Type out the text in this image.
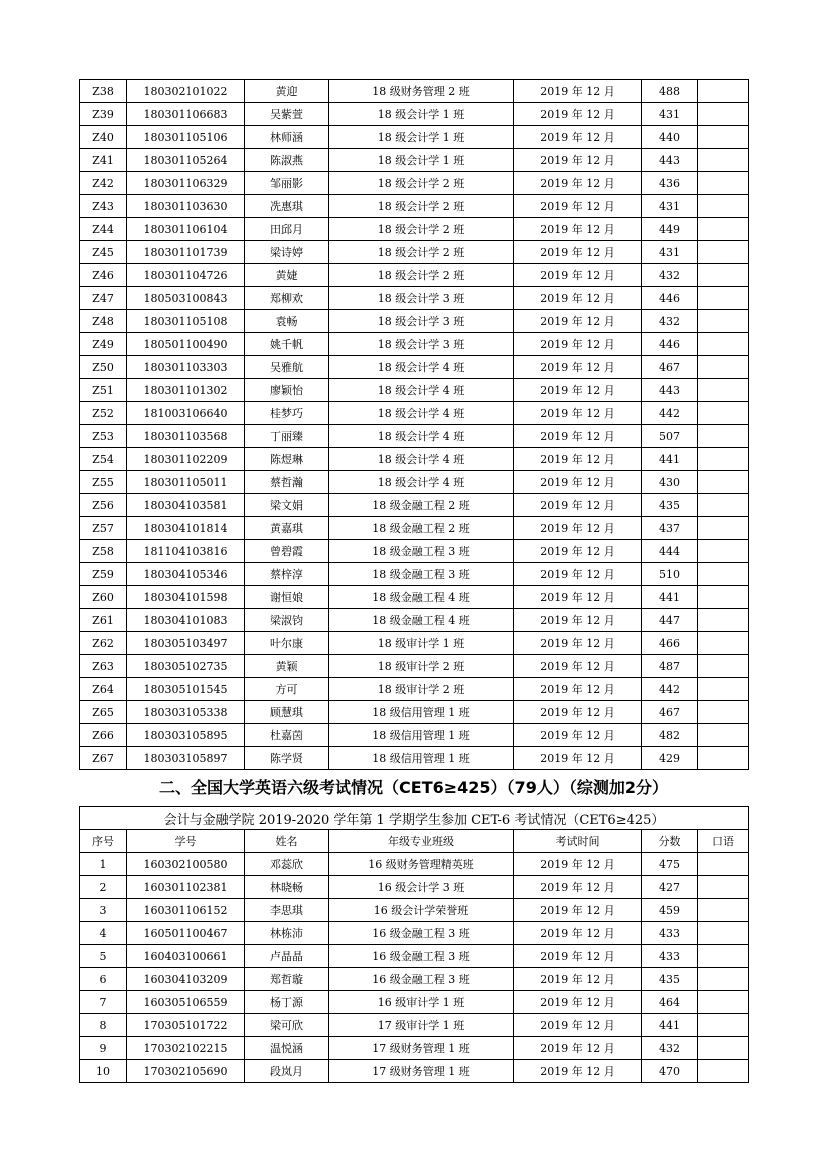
Z38	180302101022	黄迎	18 级财务管理 2 班	2019 年 12 月	488	
Z39	180301106683	吴紫萱	18 级会计学 1 班	2019 年 12 月	431	
Z40	180301105106	林师涵	18 级会计学 1 班	2019 年 12 月	440	
Z41	180301105264	陈淑燕	18 级会计学 1 班	2019 年 12 月	443	
Z42	180301106329	邹丽影	18 级会计学 2 班	2019 年 12 月	436	
Z43	180301103630	冼惠琪	18 级会计学 2 班	2019 年 12 月	431	
Z44	180301106104	田邱月	18 级会计学 2 班	2019 年 12 月	449	
Z45	180301101739	梁诗婷	18 级会计学 2 班	2019 年 12 月	431	
Z46	180301104726	黄婕	18 级会计学 2 班	2019 年 12 月	432	
Z47	180503100843	郑柳欢	18 级会计学 3 班	2019 年 12 月	446	
Z48	180301105108	袁畅	18 级会计学 3 班	2019 年 12 月	432	
Z49	180501100490	姚千帆	18 级会计学 3 班	2019 年 12 月	446	
Z50	180301103303	吴雅航	18 级会计学 4 班	2019 年 12 月	467	
Z51	180301101302	廖颖怡	18 级会计学 4 班	2019 年 12 月	443	
Z52	181003106640	桂梦巧	18 级会计学 4 班	2019 年 12 月	442	
Z53	180301103568	丁丽臻	18 级会计学 4 班	2019 年 12 月	507	
Z54	180301102209	陈煜琳	18 级会计学 4 班	2019 年 12 月	441	
Z55	180301105011	蔡哲瀚	18 级会计学 4 班	2019 年 12 月	430	
Z56	180304103581	梁文娟	18 级金融工程 2 班	2019 年 12 月	435	
Z57	180304101814	黄嘉琪	18 级金融工程 2 班	2019 年 12 月	437	
Z58	181104103816	曾碧霞	18 级金融工程 3 班	2019 年 12 月	444	
Z59	180304105346	蔡梓淳	18 级金融工程 3 班	2019 年 12 月	510	
Z60	180304101598	谢恒娘	18 级金融工程 4 班	2019 年 12 月	441	
Z61	180304101083	梁淑钧	18 级金融工程 4 班	2019 年 12 月	447	
Z62	180305103497	叶尔康	18 级审计学 1 班	2019 年 12 月	466	
Z63	180305102735	黄颖	18 级审计学 2 班	2019 年 12 月	487	
Z64	180305101545	方可	18 级审计学 2 班	2019 年 12 月	442	
Z65	180303105338	顾慧琪	18 级信用管理 1 班	2019 年 12 月	467	
Z66	180303105895	杜嘉茵	18 级信用管理 1 班	2019 年 12 月	482	
Z67	180303105897	陈学贤	18 级信用管理 1 班	2019 年 12 月	429	
二、全国大学英语六级考试情况（CET6≥425）（79人）（综测加2分）
会计与金融学院 2019-2020 学年第 1 学期学生参加 CET-6 考试情况（CET6≥425）						
序号	学号	姓名	年级专业班级	考试时间	分数	口语
1	160302100580	邓蕊欣	16 级财务管理精英班	2019 年 12 月	475	
2	160301102381	林晓畅	16 级会计学 3 班	2019 年 12 月	427	
3	160301106152	李思琪	16 级会计学荣誉班	2019 年 12 月	459	
4	160501100467	林栋沛	16 级金融工程 3 班	2019 年 12 月	433	
5	160403100661	卢晶晶	16 级金融工程 3 班	2019 年 12 月	433	
6	160304103209	郑哲璇	16 级金融工程 3 班	2019 年 12 月	435	
7	160305106559	杨丁源	16 级审计学 1 班	2019 年 12 月	464	
8	170305101722	梁可欣	17 级审计学 1 班	2019 年 12 月	441	
9	170302102215	温悦涵	17 级财务管理 1 班	2019 年 12 月	432	
10	170302105690	段岚月	17 级财务管理 1 班	2019 年 12 月	470	
